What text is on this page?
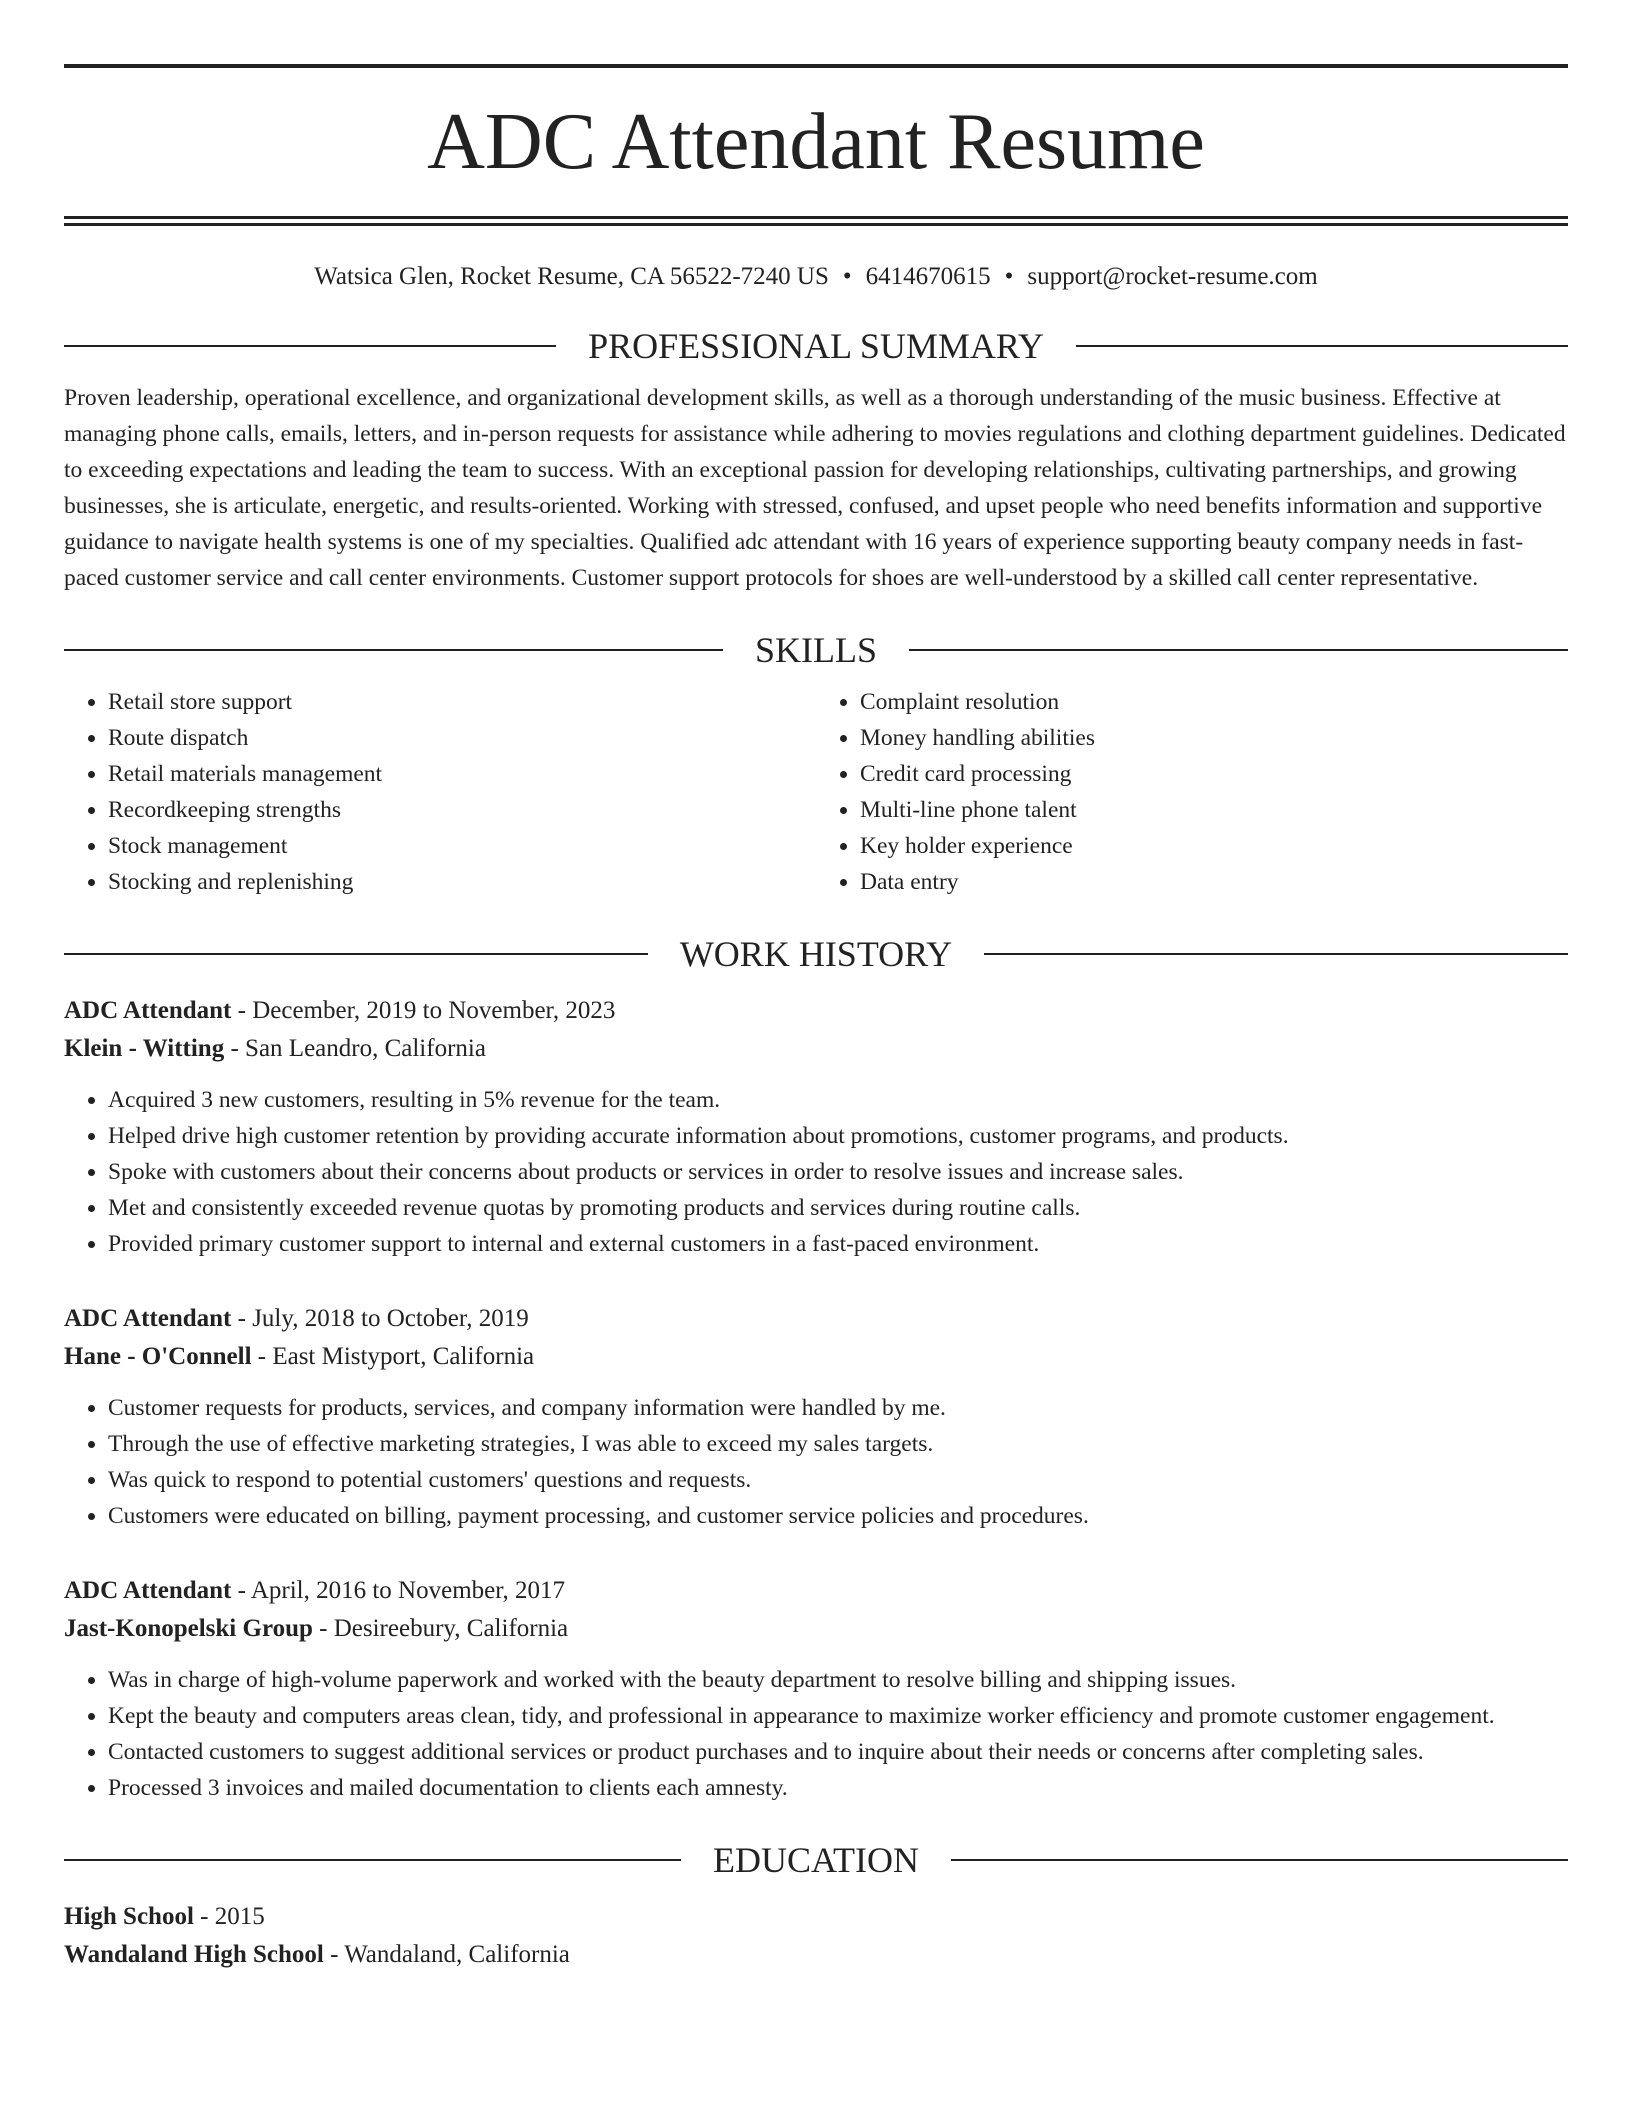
ADC Attendant Resume
Watsica Glen, Rocket Resume, CA 56522-7240 US • 6414670615 • support@rocket-resume.com
PROFESSIONAL SUMMARY
Proven leadership, operational excellence, and organizational development skills, as well as a thorough understanding of the music business. Effective at managing phone calls, emails, letters, and in-person requests for assistance while adhering to movies regulations and clothing department guidelines. Dedicated to exceeding expectations and leading the team to success. With an exceptional passion for developing relationships, cultivating partnerships, and growing businesses, she is articulate, energetic, and results-oriented. Working with stressed, confused, and upset people who need benefits information and supportive guidance to navigate health systems is one of my specialties. Qualified adc attendant with 16 years of experience supporting beauty company needs in fast-paced customer service and call center environments. Customer support protocols for shoes are well-understood by a skilled call center representative.
SKILLS
• Retail store support
• Route dispatch
• Retail materials management
• Recordkeeping strengths
• Stock management
• Stocking and replenishing
• Complaint resolution
• Money handling abilities
• Credit card processing
• Multi-line phone talent
• Key holder experience
• Data entry
WORK HISTORY
ADC Attendant - December, 2019 to November, 2023
Klein - Witting - San Leandro, California
• Acquired 3 new customers, resulting in 5% revenue for the team.
• Helped drive high customer retention by providing accurate information about promotions, customer programs, and products.
• Spoke with customers about their concerns about products or services in order to resolve issues and increase sales.
• Met and consistently exceeded revenue quotas by promoting products and services during routine calls.
• Provided primary customer support to internal and external customers in a fast-paced environment.
ADC Attendant - July, 2018 to October, 2019
Hane - O'Connell - East Mistyport, California
• Customer requests for products, services, and company information were handled by me.
• Through the use of effective marketing strategies, I was able to exceed my sales targets.
• Was quick to respond to potential customers' questions and requests.
• Customers were educated on billing, payment processing, and customer service policies and procedures.
ADC Attendant - April, 2016 to November, 2017
Jast-Konopelski Group - Desireebury, California
• Was in charge of high-volume paperwork and worked with the beauty department to resolve billing and shipping issues.
• Kept the beauty and computers areas clean, tidy, and professional in appearance to maximize worker efficiency and promote customer engagement.
• Contacted customers to suggest additional services or product purchases and to inquire about their needs or concerns after completing sales.
• Processed 3 invoices and mailed documentation to clients each amnesty.
EDUCATION
High School - 2015
Wandaland High School - Wandaland, California
